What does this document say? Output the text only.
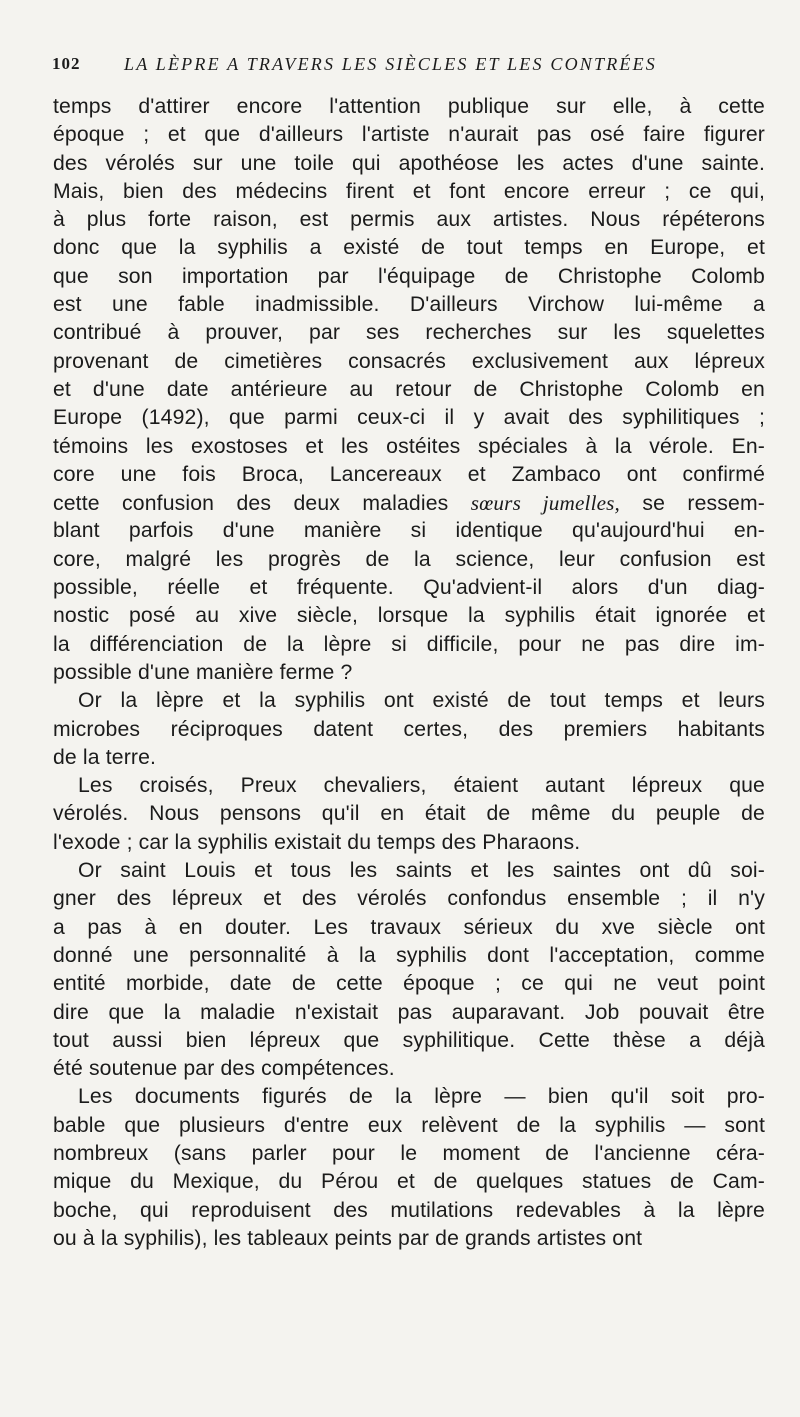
102 LA LÈPRE A TRAVERS LES SIÈCLES ET LES CONTRÉES
temps d'attirer encore l'attention publique sur elle, à cette
époque ; et que d'ailleurs l'artiste n'aurait pas osé faire figurer
des vérolés sur une toile qui apothéose les actes d'une sainte.
Mais, bien des médecins firent et font encore erreur ; ce qui,
à plus forte raison, est permis aux artistes. Nous répéterons
donc que la syphilis a existé de tout temps en Europe, et
que son importation par l'équipage de Christophe Colomb
est une fable inadmissible. D'ailleurs Virchow lui-même a
contribué à prouver, par ses recherches sur les squelettes
provenant de cimetières consacrés exclusivement aux lépreux
et d'une date antérieure au retour de Christophe Colomb en
Europe (1492), que parmi ceux-ci il y avait des syphilitiques ;
témoins les exostoses et les ostéites spéciales à la vérole. En-
core une fois Broca, Lancereaux et Zambaco ont confirmé
cette confusion des deux maladies sœurs jumelles, se ressem-
blant parfois d'une manière si identique qu'aujourd'hui en-
core, malgré les progrès de la science, leur confusion est
possible, réelle et fréquente. Qu'advient-il alors d'un diag-
nostic posé au xive siècle, lorsque la syphilis était ignorée et
la différenciation de la lèpre si difficile, pour ne pas dire im-
possible d'une manière ferme ?
Or la lèpre et la syphilis ont existé de tout temps et leurs
microbes réciproques datent certes, des premiers habitants
de la terre.
Les croisés, Preux chevaliers, étaient autant lépreux que
vérolés. Nous pensons qu'il en était de même du peuple de
l'exode ; car la syphilis existait du temps des Pharaons.
Or saint Louis et tous les saints et les saintes ont dû soi-
gner des lépreux et des vérolés confondus ensemble ; il n'y
a pas à en douter. Les travaux sérieux du xve siècle ont
donné une personnalité à la syphilis dont l'acceptation, comme
entité morbide, date de cette époque ; ce qui ne veut point
dire que la maladie n'existait pas auparavant. Job pouvait être
tout aussi bien lépreux que syphilitique. Cette thèse a déjà
été soutenue par des compétences.
Les documents figurés de la lèpre — bien qu'il soit pro-
bable que plusieurs d'entre eux relèvent de la syphilis — sont
nombreux (sans parler pour le moment de l'ancienne céra-
mique du Mexique, du Pérou et de quelques statues de Cam-
boche, qui reproduisent des mutilations redevables à la lèpre
ou à la syphilis), les tableaux peints par de grands artistes ont
